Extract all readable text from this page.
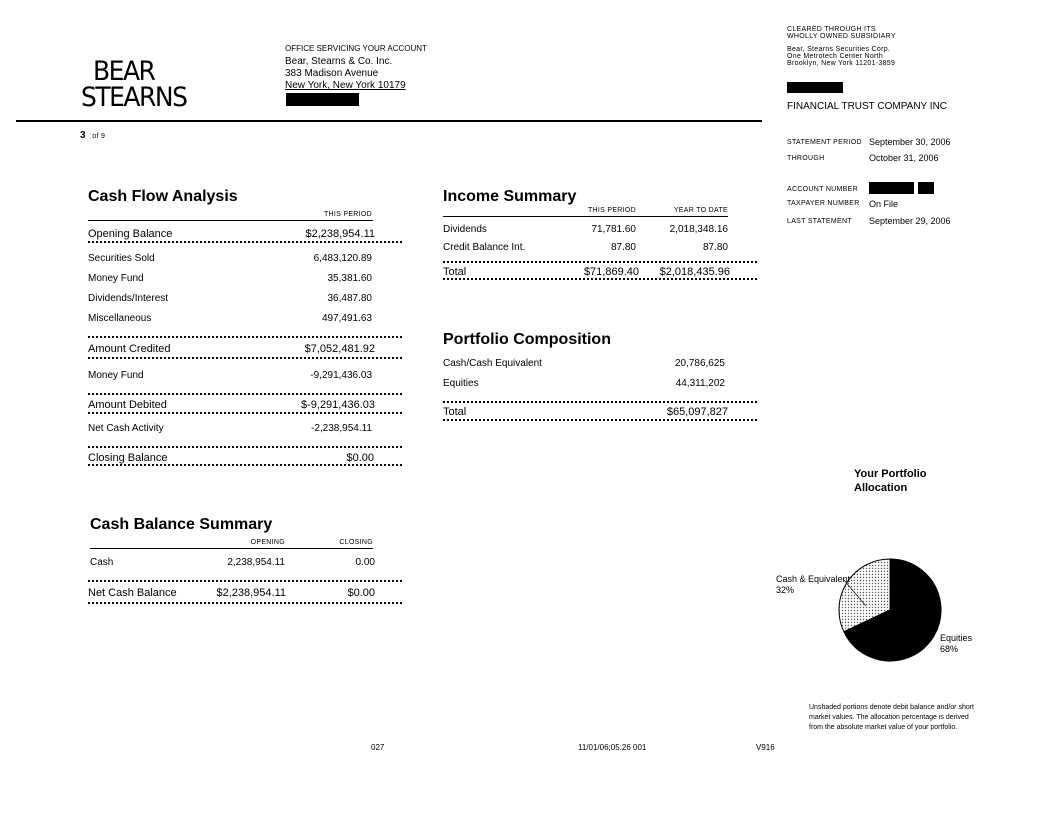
BEAR
STEARNS
OFFICE SERVICING YOUR ACCOUNT
Bear, Stearns & Co. Inc.
383 Madison Avenue
New York, New York 10179
CLEARED THROUGH ITS
WHOLLY OWNED SUBSIDIARY
Bear, Stearns Securities Corp.
One Metrotech Center North
Brooklyn, New York 11201-3859
FINANCIAL TRUST COMPANY INC
3 of 9
STATEMENT PERIOD September 30, 2006
THROUGH	October 31, 2006
ACCOUNT NUMBER
TAXPAYER NUMBER On File
LAST STATEMENT September 29, 2006
Cash Flow Analysis
THIS PERIOD
Opening Balance	$2,238,954.11
Securities Sold	6,483,120.89
Money Fund	35,381.60
Dividends/Interest	36,487.80
Miscellaneous	497,491.63
Amount Credited	$7,052,481.92
Money Fund	-9,291,436.03
Amount Debited	$-9,291,436.03
Net Cash Activity	-2,238,954.11
Closing Balance	$0.00
Income Summary
THIS PERIOD	YEAR TO DATE
Dividends	71,781.60	2,018,348.16
Credit Balance Int.	87.80	87.80
Total	$71,869.40	$2,018,435.96
Portfolio Composition
Cash/Cash Equivalent	20,786,625
Equities	44,311,202
Total	$65,097,827
Cash Balance Summary
OPENING	CLOSING
Cash	2,238,954.11	0.00
Net Cash Balance	$2,238,954.11	$0.00
Your Portfolio
Allocation
Cash & Equivalent
32%
Equities
68%
Unshaded portions denote debit balance and/or short
market values. The allocation percentage is derived
from the absolute market value of your portfolio.
027	11/01/06;05:26 001	V916
